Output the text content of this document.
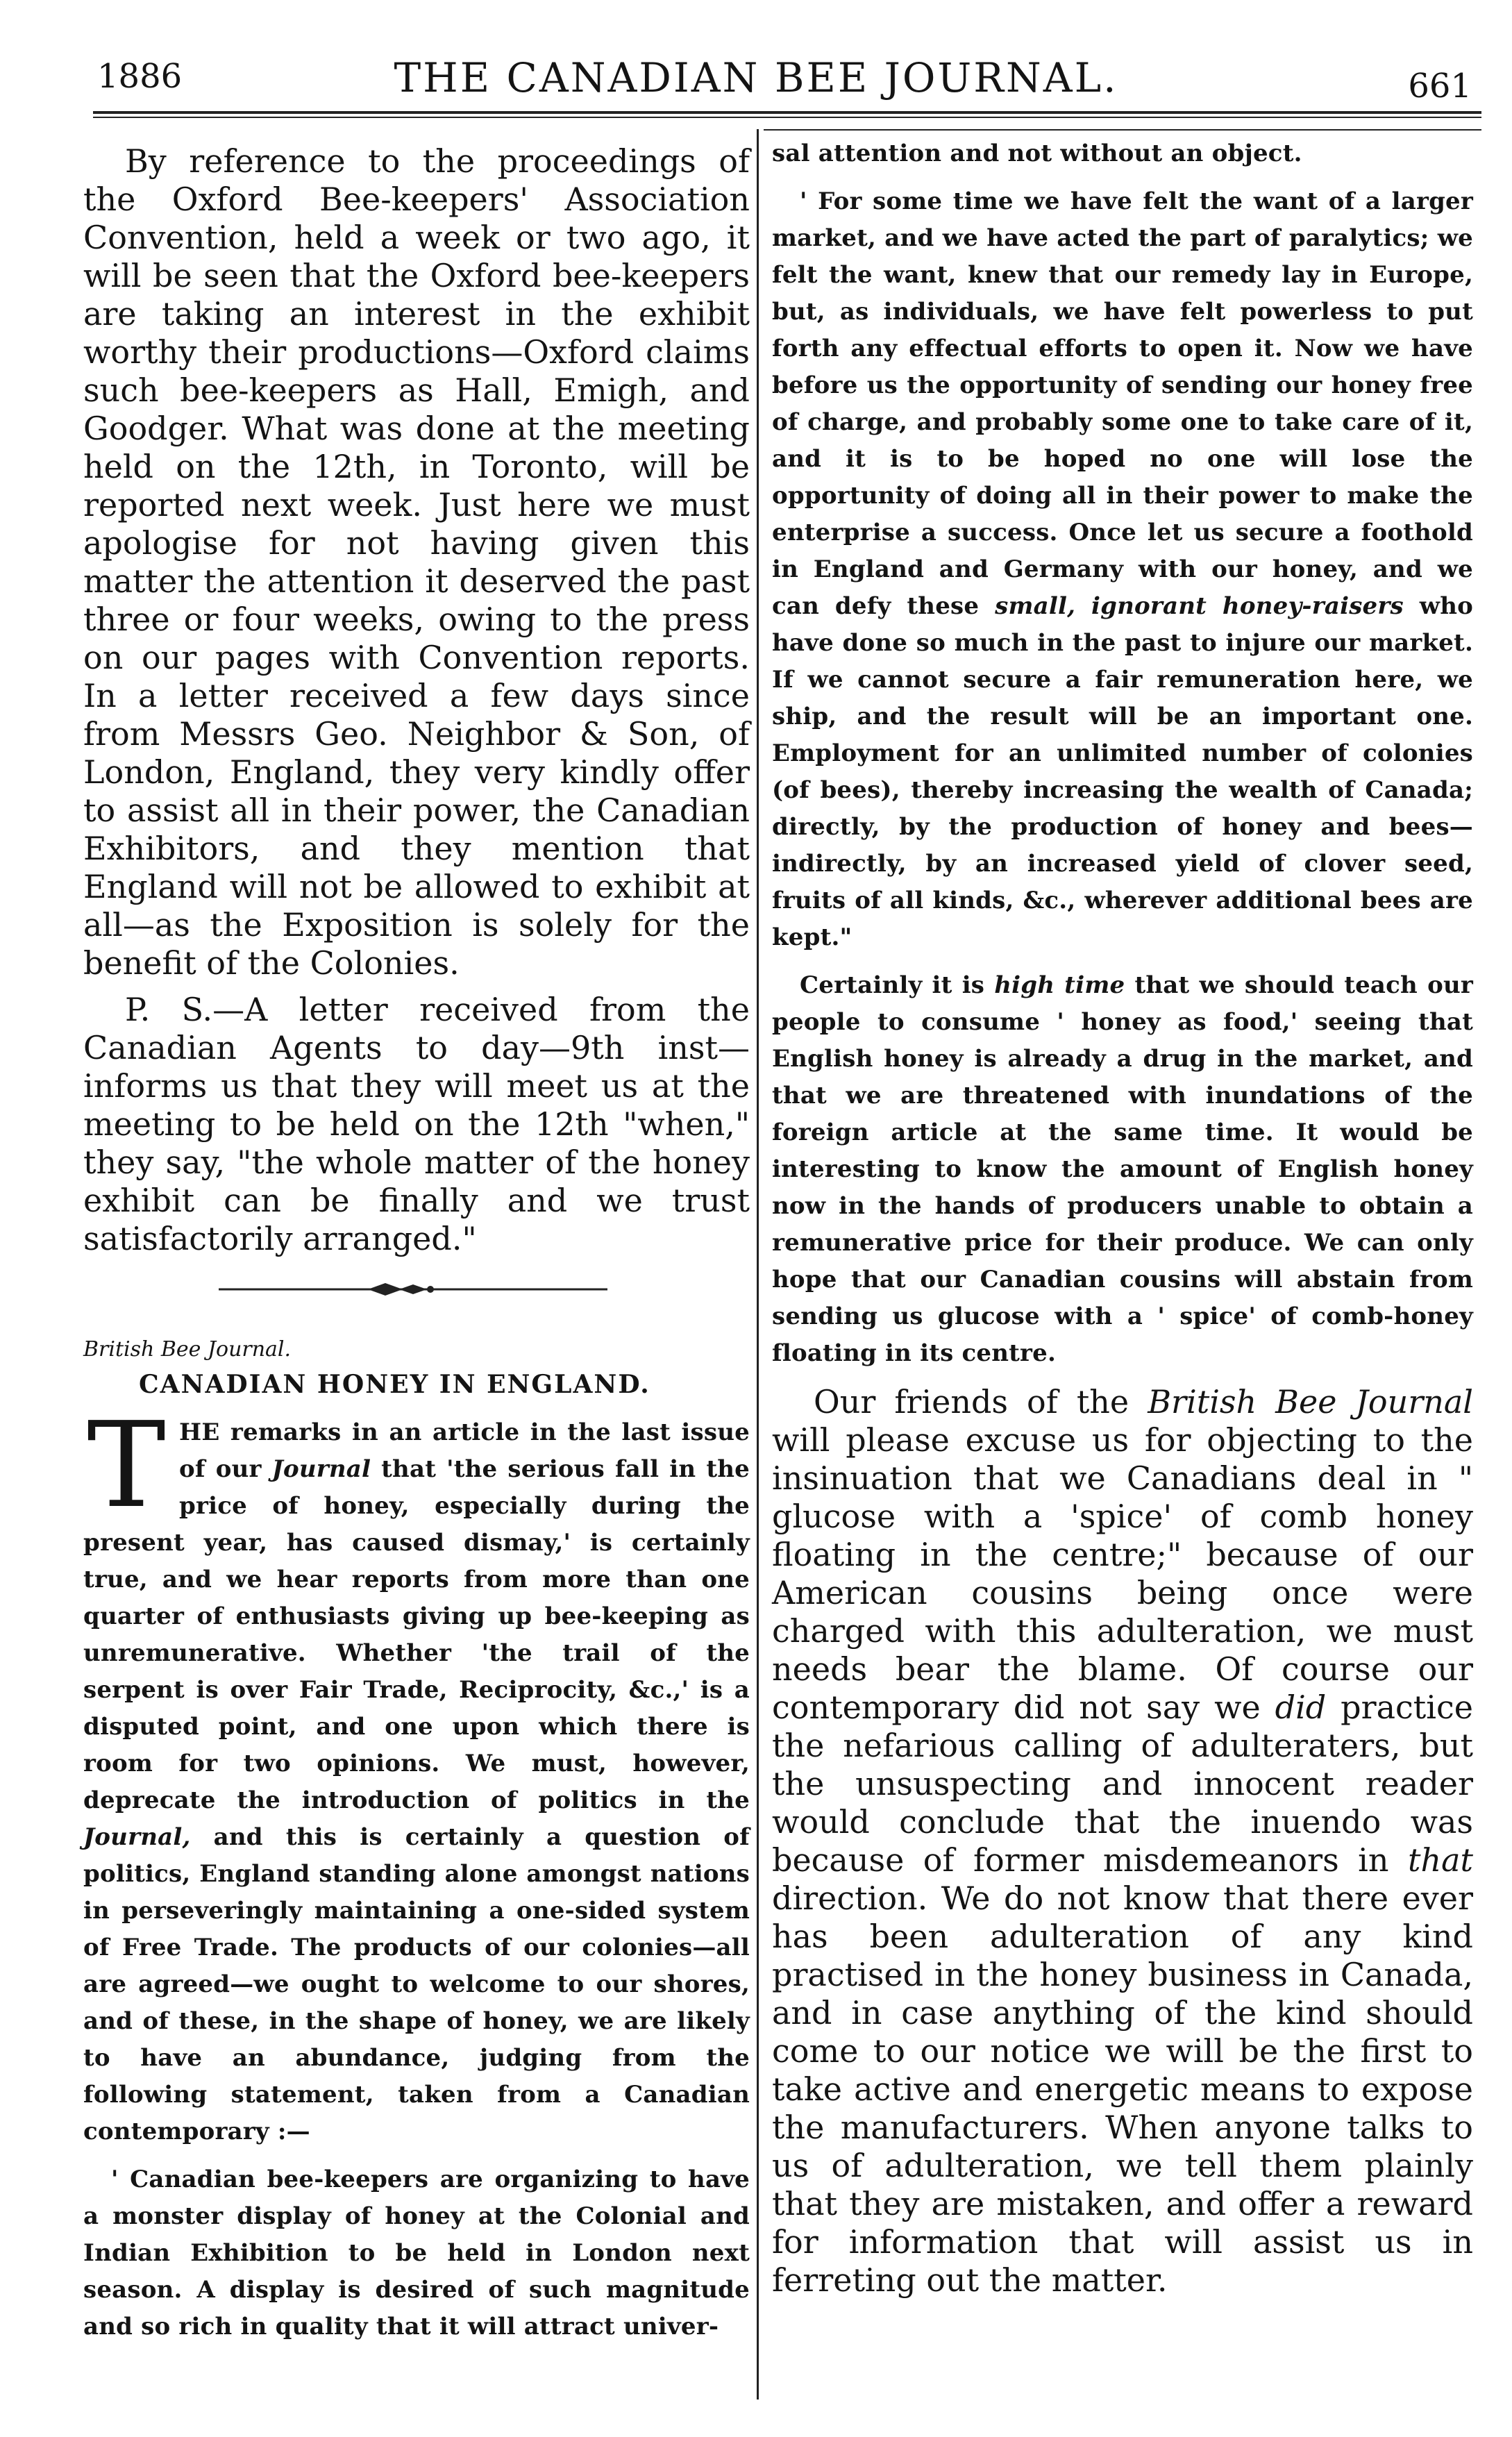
1886	THE CANADIAN BEE JOURNAL.	661

By reference to the proceedings of the Oxford Bee-keepers' Association Convention, held a week or two ago, it will be seen that the Oxford bee-keepers are taking an interest in the exhibit worthy their productions—Oxford claims such bee-keepers as Hall, Emigh, and Goodger. What was done at the meeting held on the 12th, in Toronto, will be reported next week. Just here we must apologise for not having given this matter the attention it deserved the past three or four weeks, owing to the press on our pages with Convention reports. In a letter received a few days since from Messrs Geo. Neighbor & Son, of London, England, they very kindly offer to assist all in their power, the Canadian Exhibitors, and they mention that England will not be allowed to exhibit at all—as the Exposition is solely for the benefit of the Colonies.

P. S.—A letter received from the Canadian Agents to day—9th inst—informs us that they will meet us at the meeting to be held on the 12th "when," they say, "the whole matter of the honey exhibit can be finally and we trust satisfactorily arranged."

British Bee Journal.
CANADIAN HONEY IN ENGLAND.
T HE remarks in an article in the last issue of our Journal that 'the serious fall in the price of honey, especially during the present year, has caused dismay,' is certainly true, and we hear reports from more than one quarter of enthusiasts giving up bee-keeping as unremunerative. Whether 'the trail of the serpent is over Fair Trade, Reciprocity, &c.,' is a disputed point, and one upon which there is room for two opinions. We must, however, deprecate the introduction of politics in the Journal, and this is certainly a question of politics, England standing alone amongst nations in perseveringly maintaining a one-sided system of Free Trade. The products of our colonies—all are agreed—we ought to welcome to our shores, and of these, in the shape of honey, we are likely to have an abundance, judging from the following statement, taken from a Canadian contemporary :—

' Canadian bee-keepers are organizing to have a monster display of honey at the Colonial and Indian Exhibition to be held in London next season. A display is desired of such magnitude and so rich in quality that it will attract univer-

sal attention and not without an object.

' For some time we have felt the want of a larger market, and we have acted the part of paralytics; we felt the want, knew that our remedy lay in Europe, but, as individuals, we have felt powerless to put forth any effectual efforts to open it. Now we have before us the opportunity of sending our honey free of charge, and probably some one to take care of it, and it is to be hoped no one will lose the opportunity of doing all in their power to make the enterprise a success. Once let us secure a foothold in England and Germany with our honey, and we can defy these small, ignorant honey-raisers who have done so much in the past to injure our market. If we cannot secure a fair remuneration here, we ship, and the result will be an important one. Employment for an unlimited number of colonies (of bees), thereby increasing the wealth of Canada; directly, by the production of honey and bees—indirectly, by an increased yield of clover seed, fruits of all kinds, &c., wherever additional bees are kept."

Certainly it is high time that we should teach our people to consume ' honey as food,' seeing that English honey is already a drug in the market, and that we are threatened with inundations of the foreign article at the same time. It would be interesting to know the amount of English honey now in the hands of producers unable to obtain a remunerative price for their produce. We can only hope that our Canadian cousins will abstain from sending us glucose with a ' spice' of comb-honey floating in its centre.

Our friends of the British Bee Journal will please excuse us for objecting to the insinuation that we Canadians deal in " glucose with a 'spice' of comb honey floating in the centre;" because of our American cousins being once were charged with this adulteration, we must needs bear the blame. Of course our contemporary did not say we did practice the nefarious calling of adulteraters, but the unsuspecting and innocent reader would conclude that the inuendo was because of former misdemeanors in that direction. We do not know that there ever has been adulteration of any kind practised in the honey business in Canada, and in case anything of the kind should come to our notice we will be the first to take active and energetic means to expose the manufacturers. When anyone talks to us of adulteration, we tell them plainly that they are mistaken, and offer a reward for information that will assist us in ferreting out the matter.
